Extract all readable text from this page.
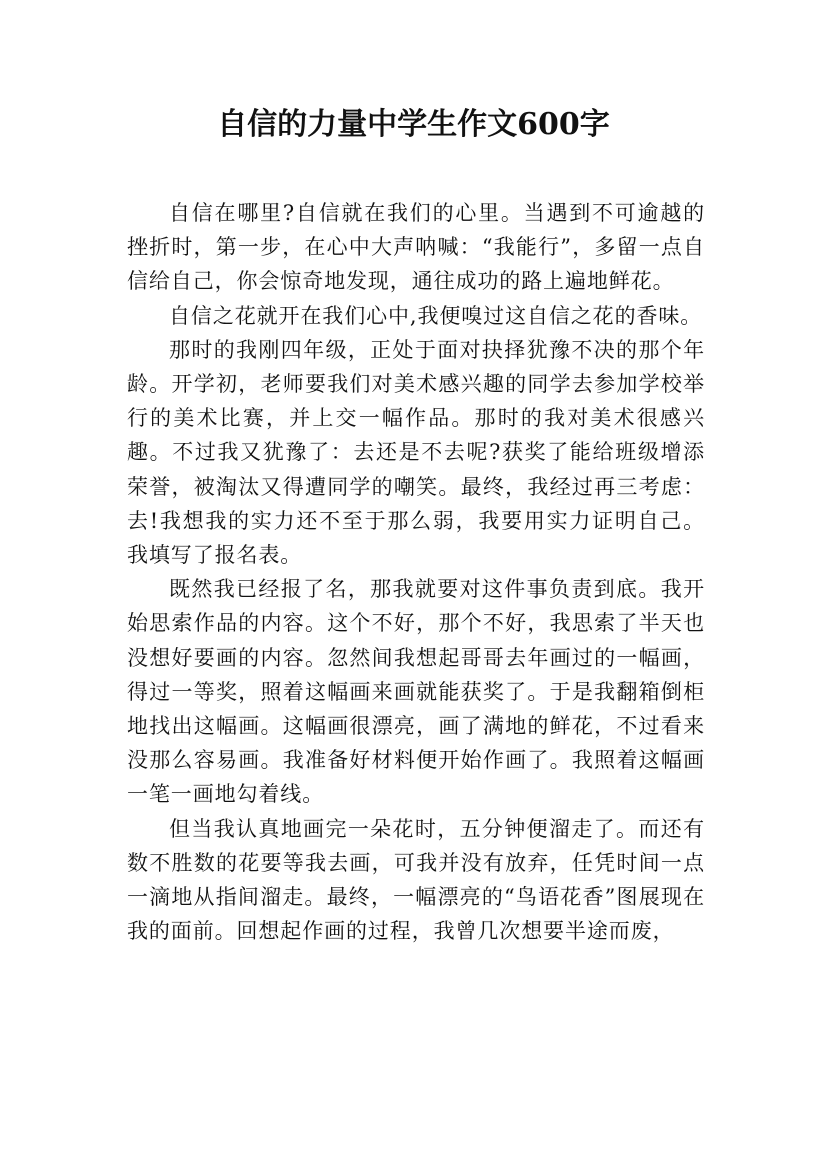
自信的力量中学生作文600字

自信在哪里?自信就在我们的心里。当遇到不可逾越的挫折时，第一步，在心中大声呐喊：“我能行”，多留一点自信给自己，你会惊奇地发现，通往成功的路上遍地鲜花。

自信之花就开在我们心中,我便嗅过这自信之花的香味。

那时的我刚四年级，正处于面对抉择犹豫不决的那个年龄。开学初，老师要我们对美术感兴趣的同学去参加学校举行的美术比赛，并上交一幅作品。那时的我对美术很感兴趣。不过我又犹豫了：去还是不去呢?获奖了能给班级增添荣誉，被淘汰又得遭同学的嘲笑。最终，我经过再三考虑：去!我想我的实力还不至于那么弱，我要用实力证明自己。我填写了报名表。

既然我已经报了名，那我就要对这件事负责到底。我开始思索作品的内容。这个不好，那个不好，我思索了半天也没想好要画的内容。忽然间我想起哥哥去年画过的一幅画，得过一等奖，照着这幅画来画就能获奖了。于是我翻箱倒柜地找出这幅画。这幅画很漂亮，画了满地的鲜花，不过看来没那么容易画。我准备好材料便开始作画了。我照着这幅画一笔一画地勾着线。

但当我认真地画完一朵花时，五分钟便溜走了。而还有数不胜数的花要等我去画，可我并没有放弃，任凭时间一点一滴地从指间溜走。最终，一幅漂亮的“鸟语花香”图展现在我的面前。回想起作画的过程，我曾几次想要半途而废，
